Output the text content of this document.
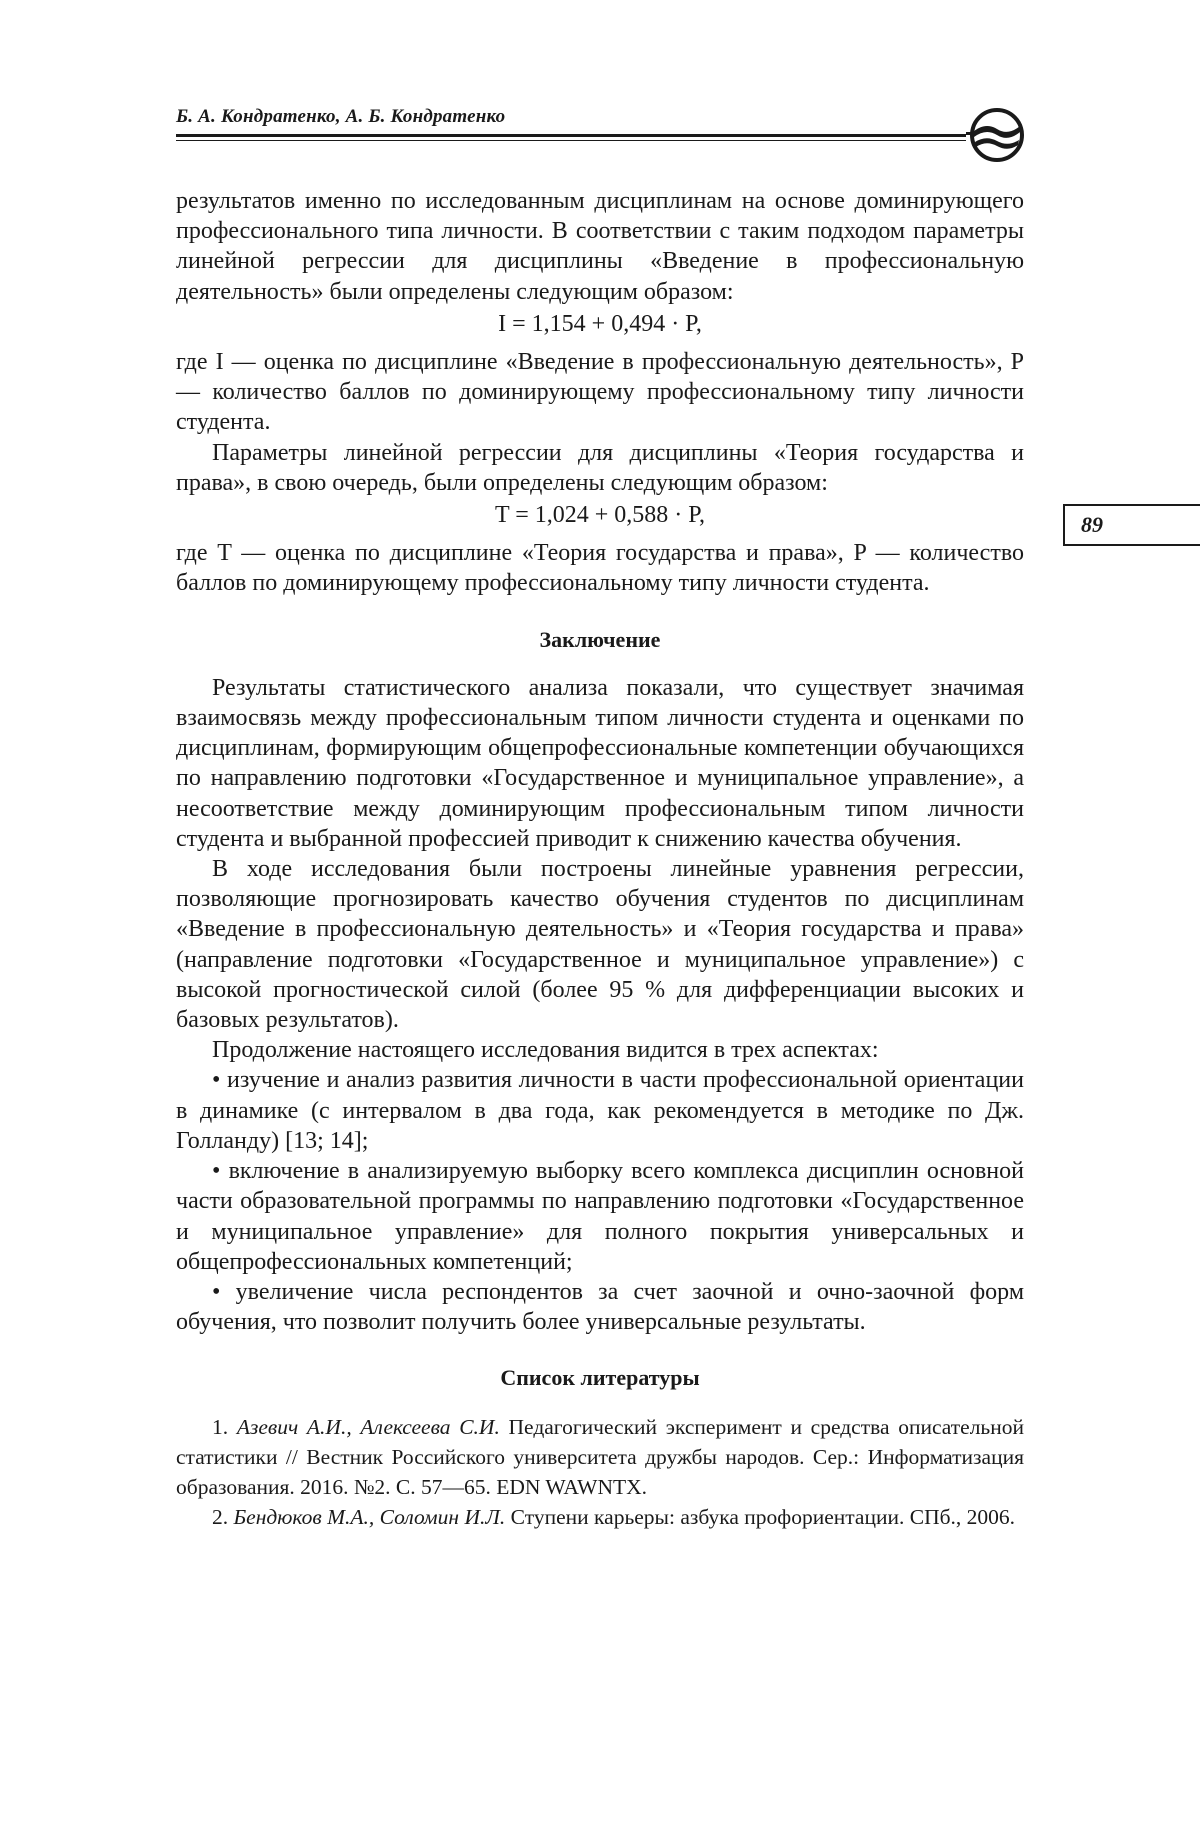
Б. А. Кондратенко, А. Б. Кондратенко
89

результатов именно по исследованным дисциплинам на основе доминирующего профессионального типа личности. В соответствии с таким подходом параметры линейной регрессии для дисциплины «Введение в профессиональную деятельность» были определены следующим образом:

I = 1,154 + 0,494 · P,

где I — оценка по дисциплине «Введение в профессиональную деятельность», P — количество баллов по доминирующему профессиональному типу личности студента.

Параметры линейной регрессии для дисциплины «Теория государства и права», в свою очередь, были определены следующим образом:

T = 1,024 + 0,588 · P,

где T — оценка по дисциплине «Теория государства и права», P — количество баллов по доминирующему профессиональному типу личности студента.

Заключение

Результаты статистического анализа показали, что существует значимая взаимосвязь между профессиональным типом личности студента и оценками по дисциплинам, формирующим общепрофессиональные компетенции обучающихся по направлению подготовки «Государственное и муниципальное управление», а несоответствие между доминирующим профессиональным типом личности студента и выбранной профессией приводит к снижению качества обучения.

В ходе исследования были построены линейные уравнения регрессии, позволяющие прогнозировать качество обучения студентов по дисциплинам «Введение в профессиональную деятельность» и «Теория государства и права» (направление подготовки «Государственное и муниципальное управление») с высокой прогностической силой (более 95 % для дифференциации высоких и базовых результатов).

Продолжение настоящего исследования видится в трех аспектах:

• изучение и анализ развития личности в части профессиональной ориентации в динамике (с интервалом в два года, как рекомендуется в методике по Дж. Голланду) [13; 14];

• включение в анализируемую выборку всего комплекса дисциплин основной части образовательной программы по направлению подготовки «Государственное и муниципальное управление» для полного покрытия универсальных и общепрофессиональных компетенций;

• увеличение числа респондентов за счет заочной и очно-заочной форм обучения, что позволит получить более универсальные результаты.

Список литературы

1. Азевич А.И., Алексеева С.И. Педагогический эксперимент и средства описательной статистики // Вестник Российского университета дружбы народов. Сер.: Информатизация образования. 2016. №2. С. 57—65. EDN WAWNTX.

2. Бендюков М.А., Соломин И.Л. Ступени карьеры: азбука профориентации. СПб., 2006.
